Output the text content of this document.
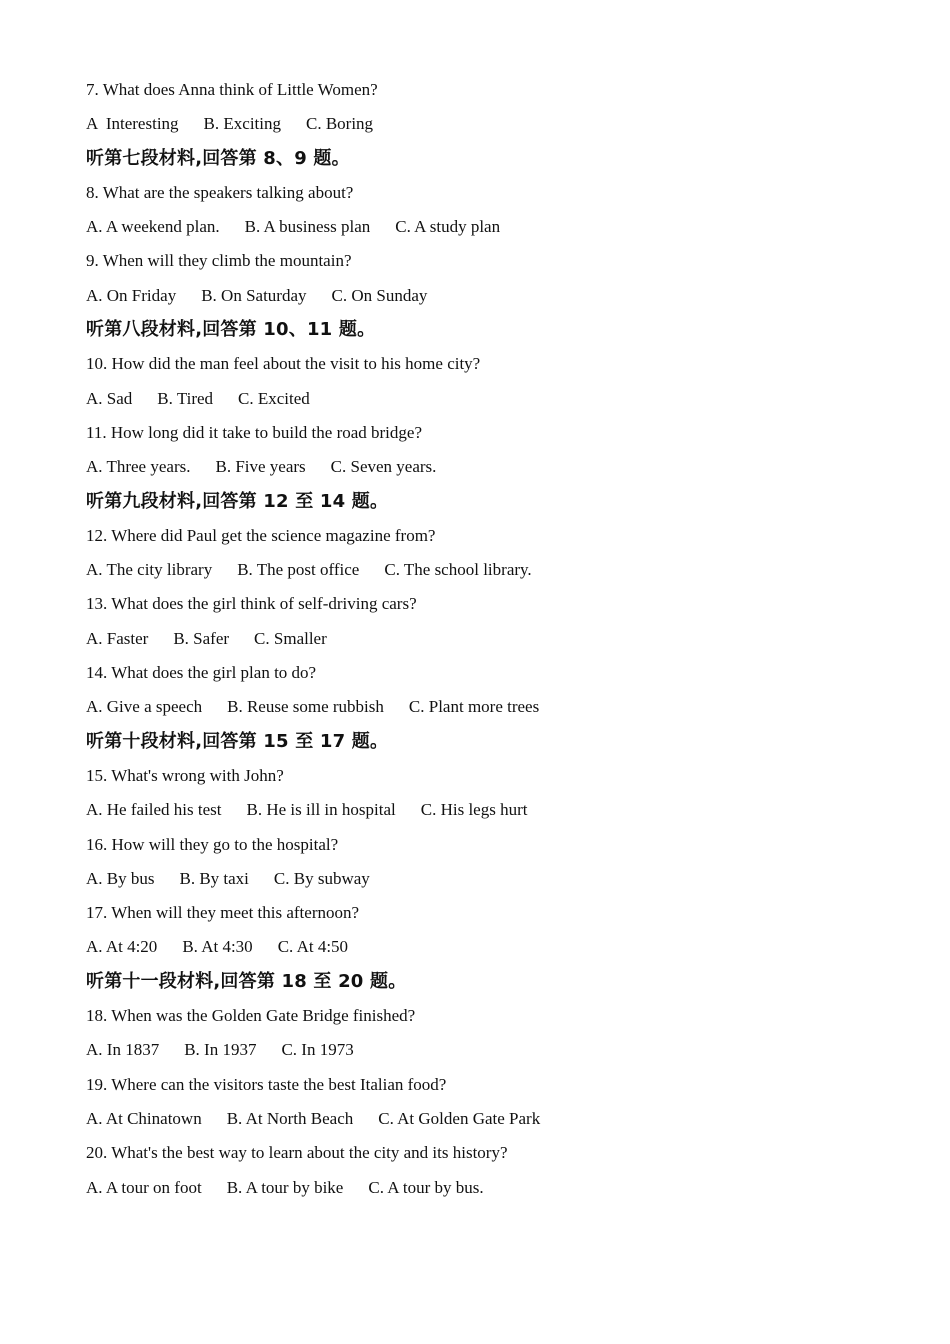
7. What does Anna think of Little Women?
A  Interesting B. Exciting C. Boring
听第七段材料,回答第 8、9 题。
8. What are the speakers talking about?
A. A weekend plan. B. A business plan C. A study plan
9. When will they climb the mountain?
A. On Friday B. On Saturday C. On Sunday
听第八段材料,回答第 10、11 题。
10. How did the man feel about the visit to his home city?
A. Sad B. Tired C. Excited
11. How long did it take to build the road bridge?
A. Three years. B. Five years C. Seven years.
听第九段材料,回答第 12 至 14 题。
12. Where did Paul get the science magazine from?
A. The city library B. The post office C. The school library.
13. What does the girl think of self-driving cars?
A. Faster B. Safer C. Smaller
14. What does the girl plan to do?
A. Give a speech B. Reuse some rubbish C. Plant more trees
听第十段材料,回答第 15 至 17 题。
15. What's wrong with John?
A. He failed his test B. He is ill in hospital C. His legs hurt
16. How will they go to the hospital?
A. By bus B. By taxi C. By subway
17. When will they meet this afternoon?
A. At 4:20 B. At 4:30 C. At 4:50
听第十一段材料,回答第 18 至 20 题。
18. When was the Golden Gate Bridge finished?
A. In 1837 B. In 1937 C. In 1973
19. Where can the visitors taste the best Italian food?
A. At Chinatown B. At North Beach C. At Golden Gate Park
20. What's the best way to learn about the city and its history?
A. A tour on foot B. A tour by bike C. A tour by bus.
